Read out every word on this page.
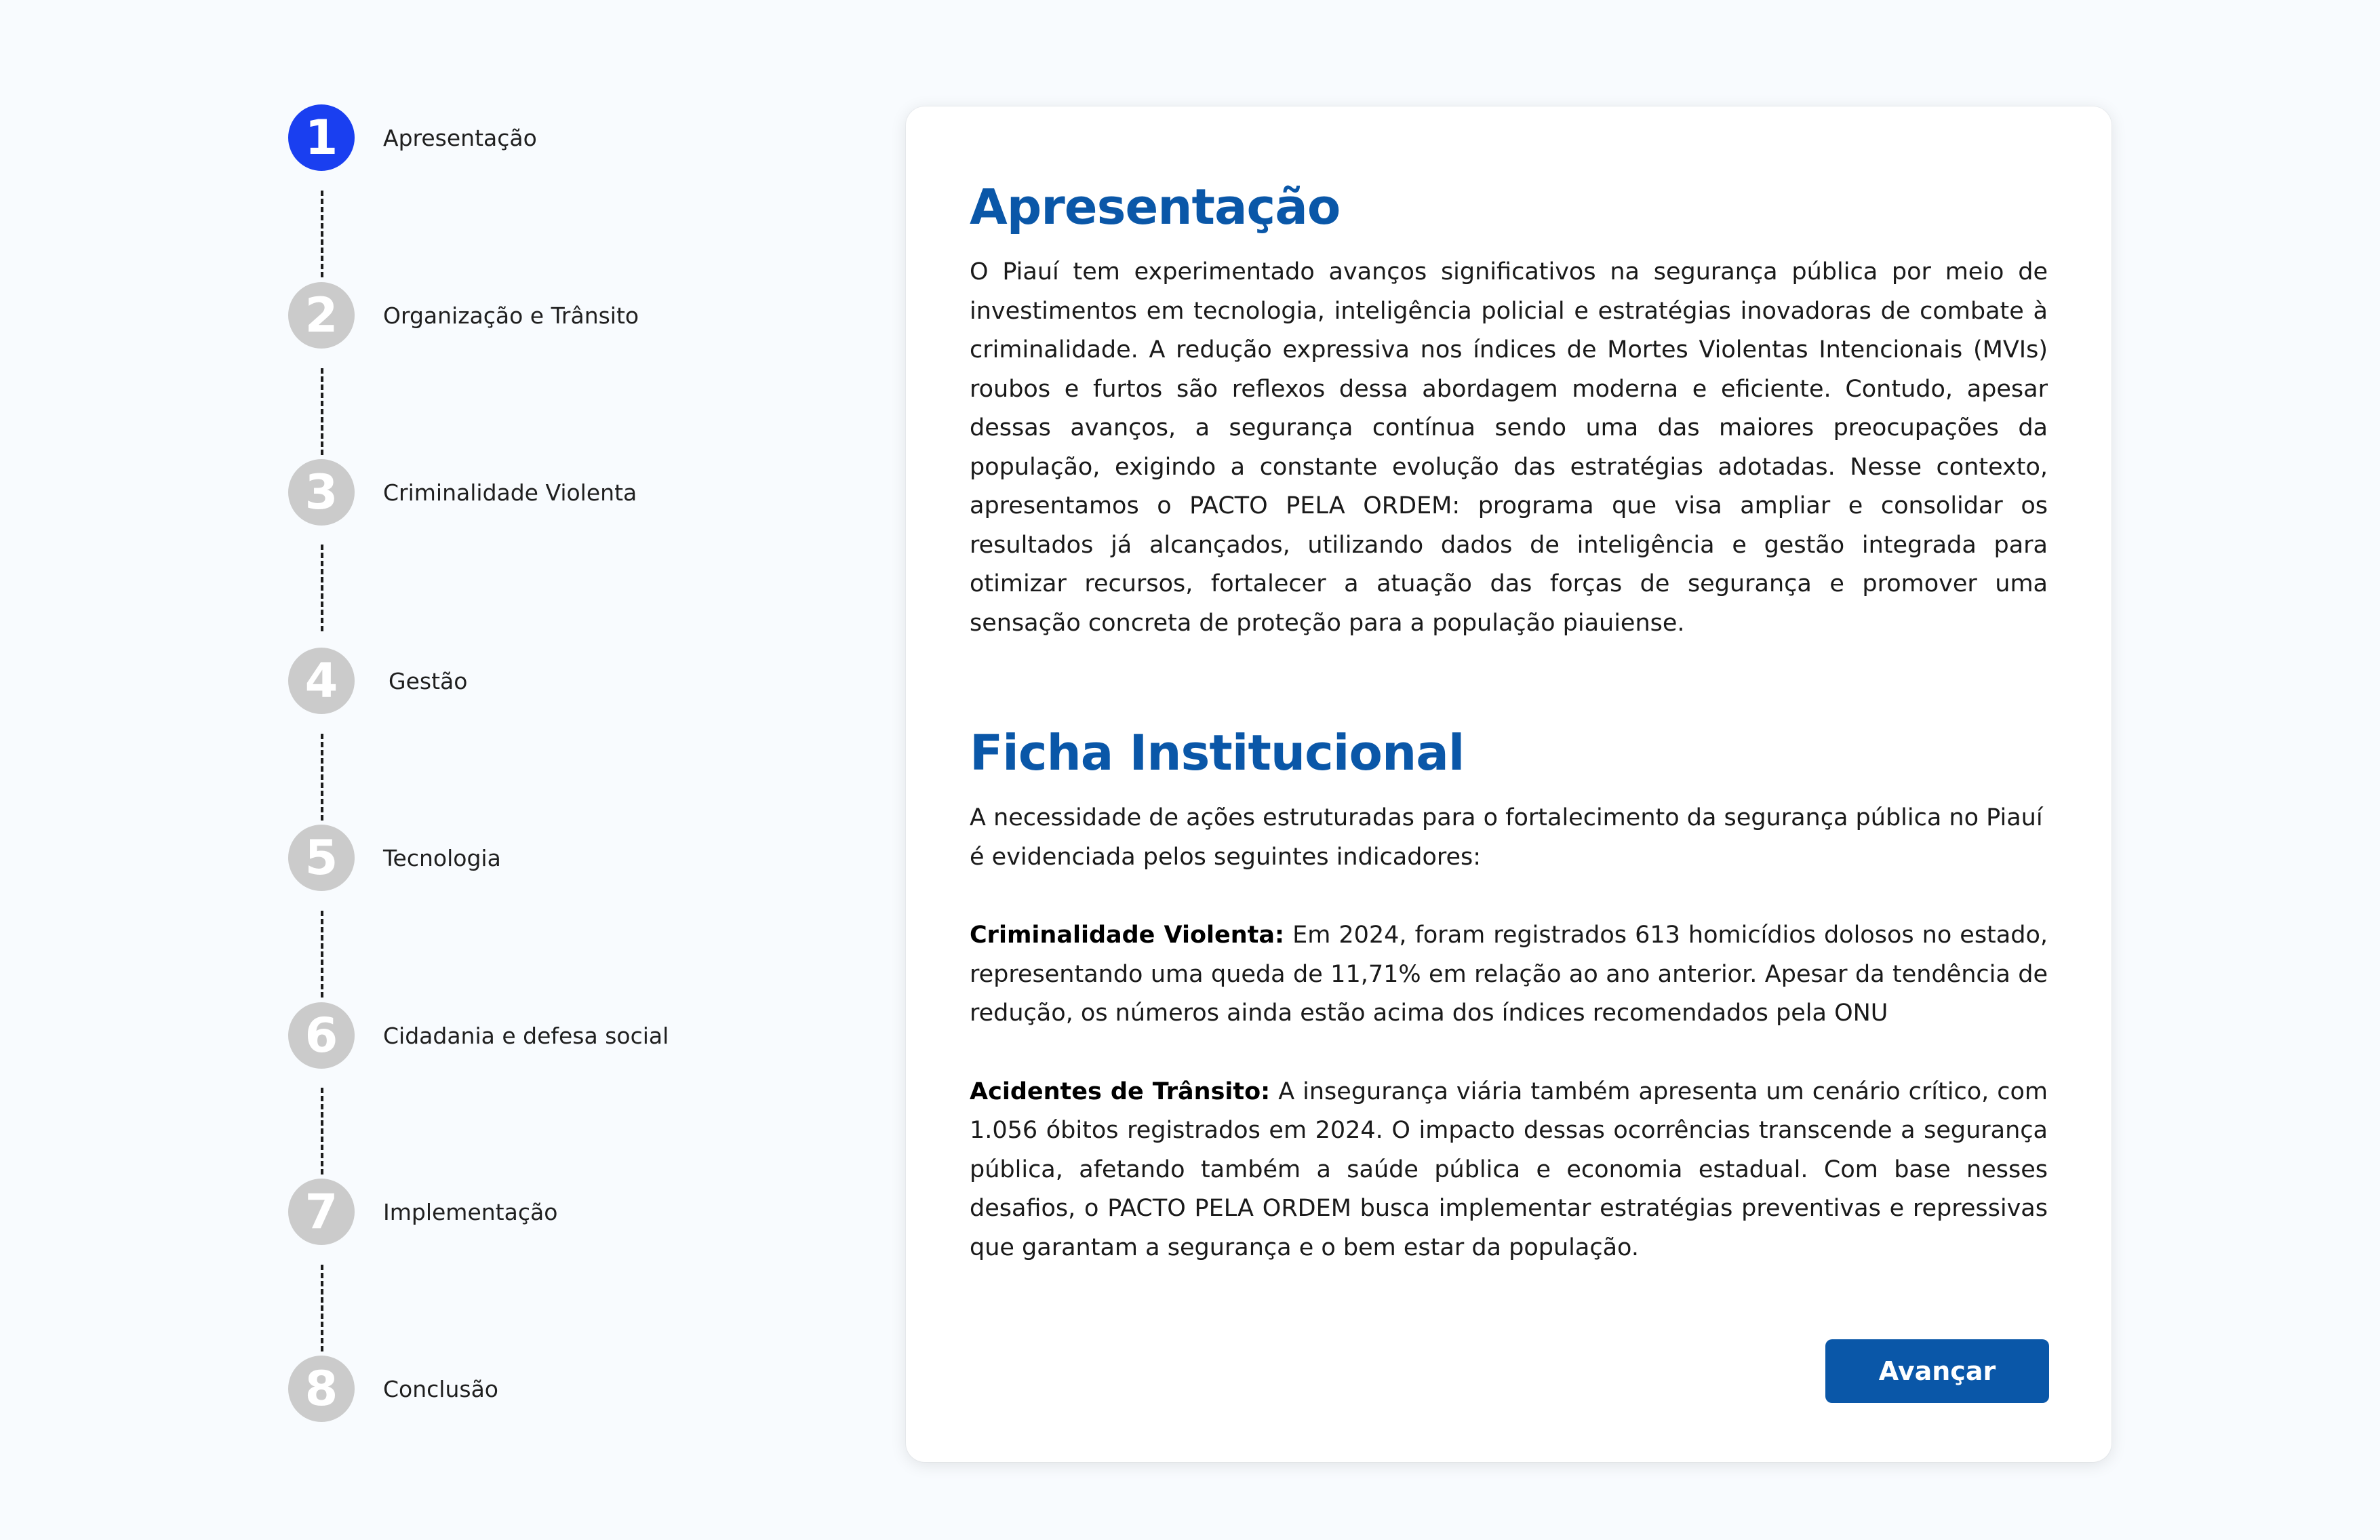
1	Apresentação
2	Organização e Trânsito
3	Criminalidade Violenta
4	Gestão
5	Tecnologia
6	Cidadania e defesa social
7	Implementação
8	Conclusão
Apresentação

O Piauí tem experimentado avanços significativos na segurança pública por meio de investimentos em tecnologia, inteligência policial e estratégias inovadoras de combate à criminalidade. A redução expressiva nos índices de Mortes Violentas Intencionais (MVIs) roubos e furtos são reflexos dessa abordagem moderna e eficiente. Contudo, apesar dessas avanços, a segurança contínua sendo uma das maiores preocupações da população, exigindo a constante evolução das estratégias adotadas. Nesse contexto, apresentamos o PACTO PELA ORDEM: programa que visa ampliar e consolidar os resultados já alcançados, utilizando dados de inteligência e gestão integrada para otimizar recursos, fortalecer a atuação das forças de segurança e promover uma sensação concreta de proteção para a população piauiense.

Ficha Institucional

A necessidade de ações estruturadas para o fortalecimento da segurança pública no Piauí é evidenciada pelos seguintes indicadores:

Criminalidade Violenta: Em 2024, foram registrados 613 homicídios dolosos no estado, representando uma queda de 11,71% em relação ao ano anterior. Apesar da tendência de redução, os números ainda estão acima dos índices recomendados pela ONU

Acidentes de Trânsito: A insegurança viária também apresenta um cenário crítico, com 1.056 óbitos registrados em 2024. O impacto dessas ocorrências transcende a segurança pública, afetando também a saúde pública e economia estadual. Com base nesses desafios, o PACTO PELA ORDEM busca implementar estratégias preventivas e repressivas que garantam a segurança e o bem estar da população.

Avançar
